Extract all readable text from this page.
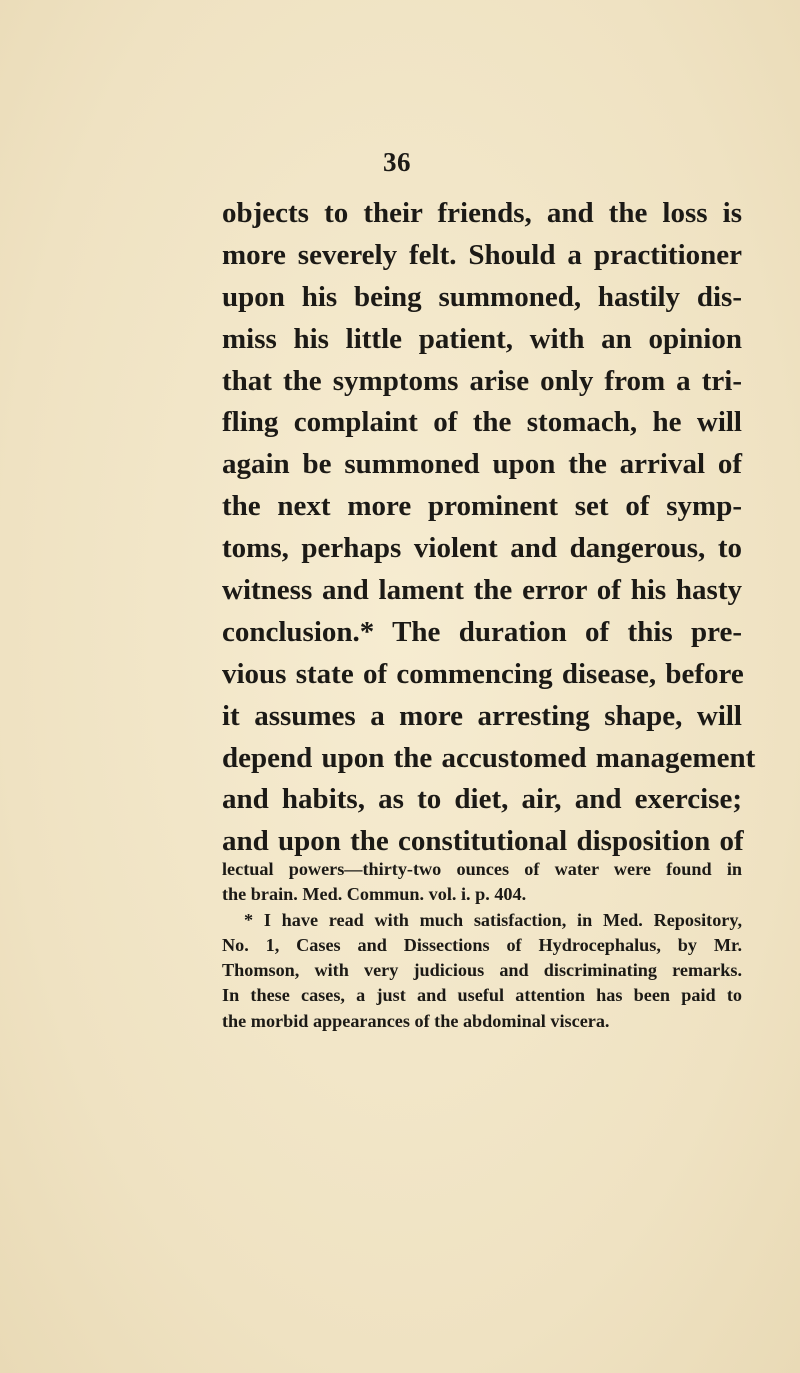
36
objects to their friends, and the loss is
more severely felt. Should a practitioner
upon his being summoned, hastily dis-
miss his little patient, with an opinion
that the symptoms arise only from a tri-
fling complaint of the stomach, he will
again be summoned upon the arrival of
the next more prominent set of symp-
toms, perhaps violent and dangerous, to
witness and lament the error of his hasty
conclusion.* The duration of this pre-
vious state of commencing disease, before
it assumes a more arresting shape, will
depend upon the accustomed management
and habits, as to diet, air, and exercise;
and upon the constitutional disposition of
lectual powers—thirty-two ounces of water were found in
the brain. Med. Commun. vol. i. p. 404.
* I have read with much satisfaction, in Med. Repository,
No. 1, Cases and Dissections of Hydrocephalus, by Mr.
Thomson, with very judicious and discriminating remarks.
In these cases, a just and useful attention has been paid to
the morbid appearances of the abdominal viscera.
